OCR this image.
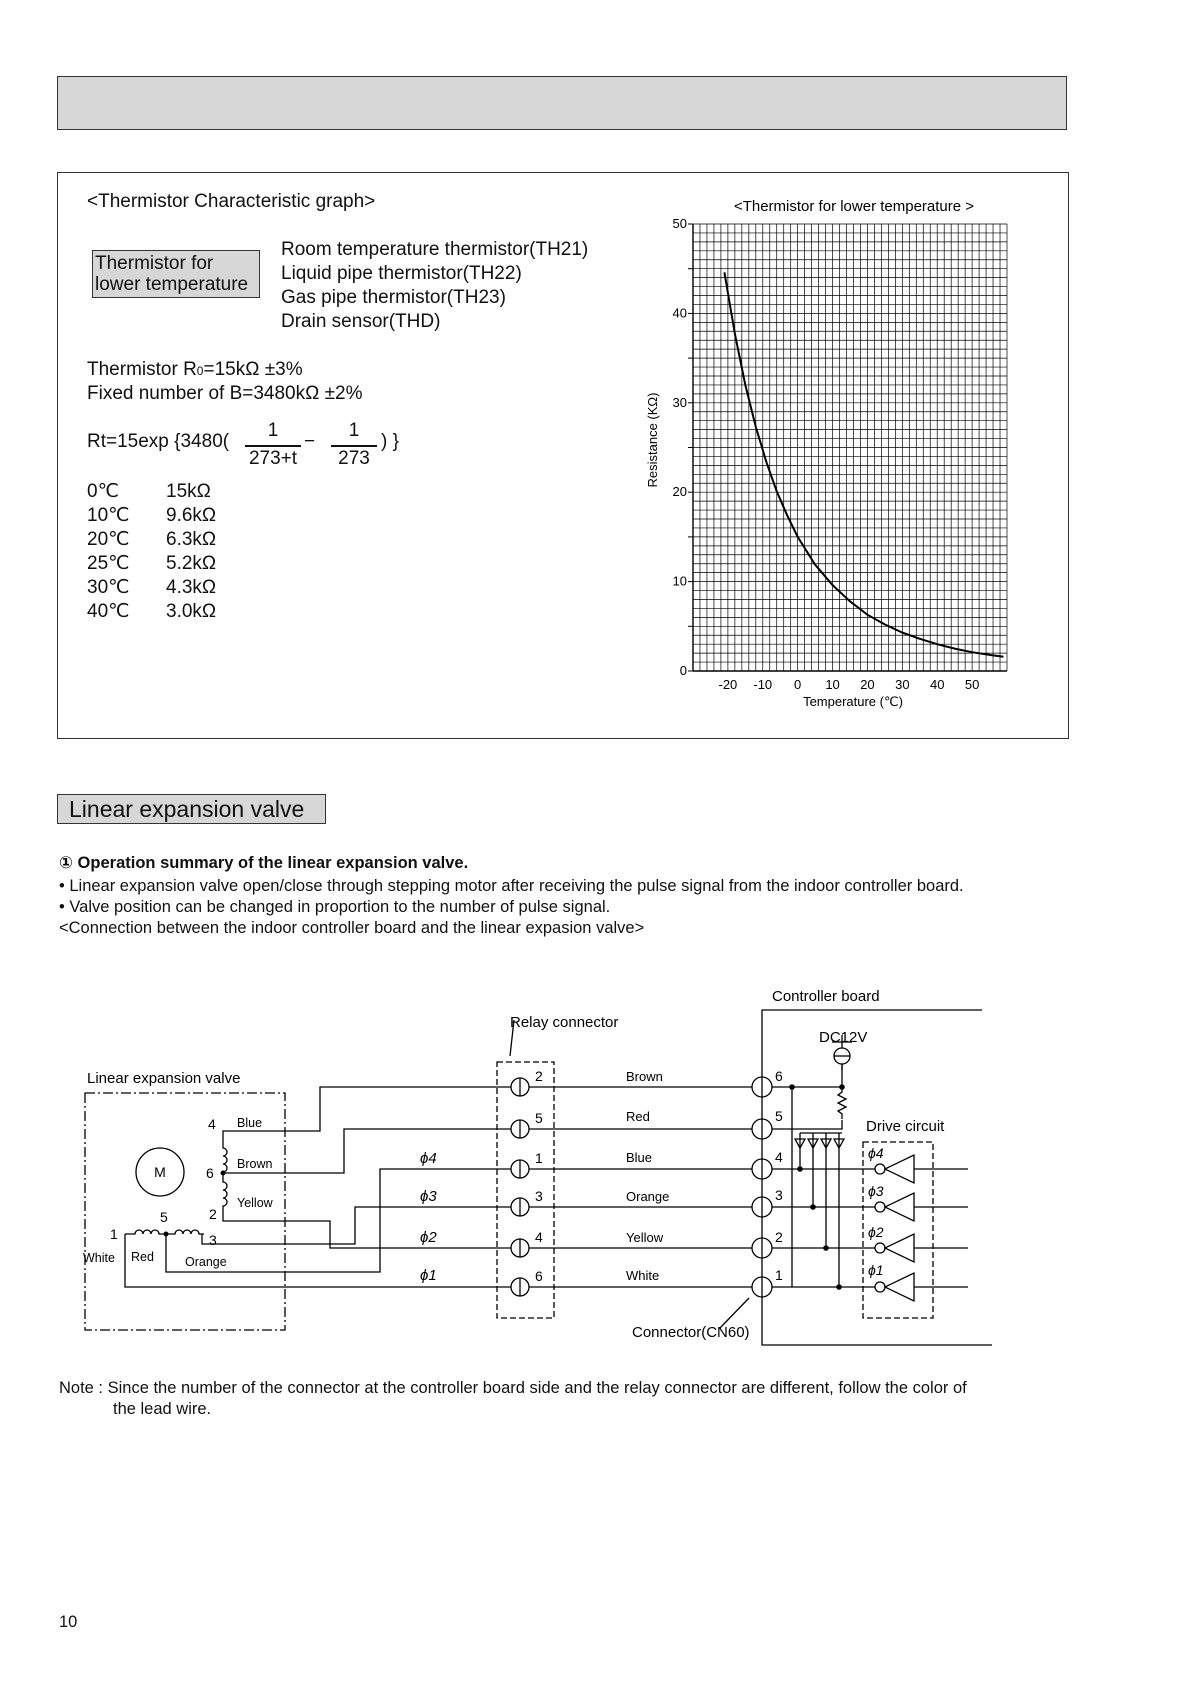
<Thermistor Characteristic graph>
Thermistor for
lower temperature
Room temperature thermistor(TH21)
Liquid pipe thermistor(TH22)
Gas pipe thermistor(TH23)
Drain sensor(THD)
Thermistor R0=15kΩ ±3%
Fixed number of B=3480kΩ ±2%
Rt=15exp {3480(
1
273+t
−
1
273
) }
0℃ 15kΩ
10℃ 9.6kΩ
20℃ 6.3kΩ
25℃ 5.2kΩ
30℃ 4.3kΩ
40℃ 3.0kΩ
0
10
20
30
40
50
-20 -10 0 10 20 30 40 50
<Thermistor for lower temperature >
Temperature (℃)
Resistance (KΩ)
Linear expansion valve
① Operation summary of the linear expansion valve.
• Linear expansion valve open/close through stepping motor after receiving the pulse signal from the indoor controller board.
• Valve position can be changed in proportion to the number of pulse signal.
<Connection between the indoor controller board and the linear expasion valve>
Controller board
Relay connector
DC12V
Linear expansion valve
Drive circuit
Connector(CN60)
M
4
6
2
3
5
1
Blue
Brown
Yellow
Orange
Red
White
ϕ4
ϕ3
ϕ2
ϕ1
2
5
1
3
4
6
Brown
Red
Blue
Orange
Yellow
White
6
5
4
3
2
1
ϕ4
ϕ3
ϕ2
ϕ1
Note : Since the number of the connector at the controller board side and the relay connector are different, follow the color of
the lead wire.
10
